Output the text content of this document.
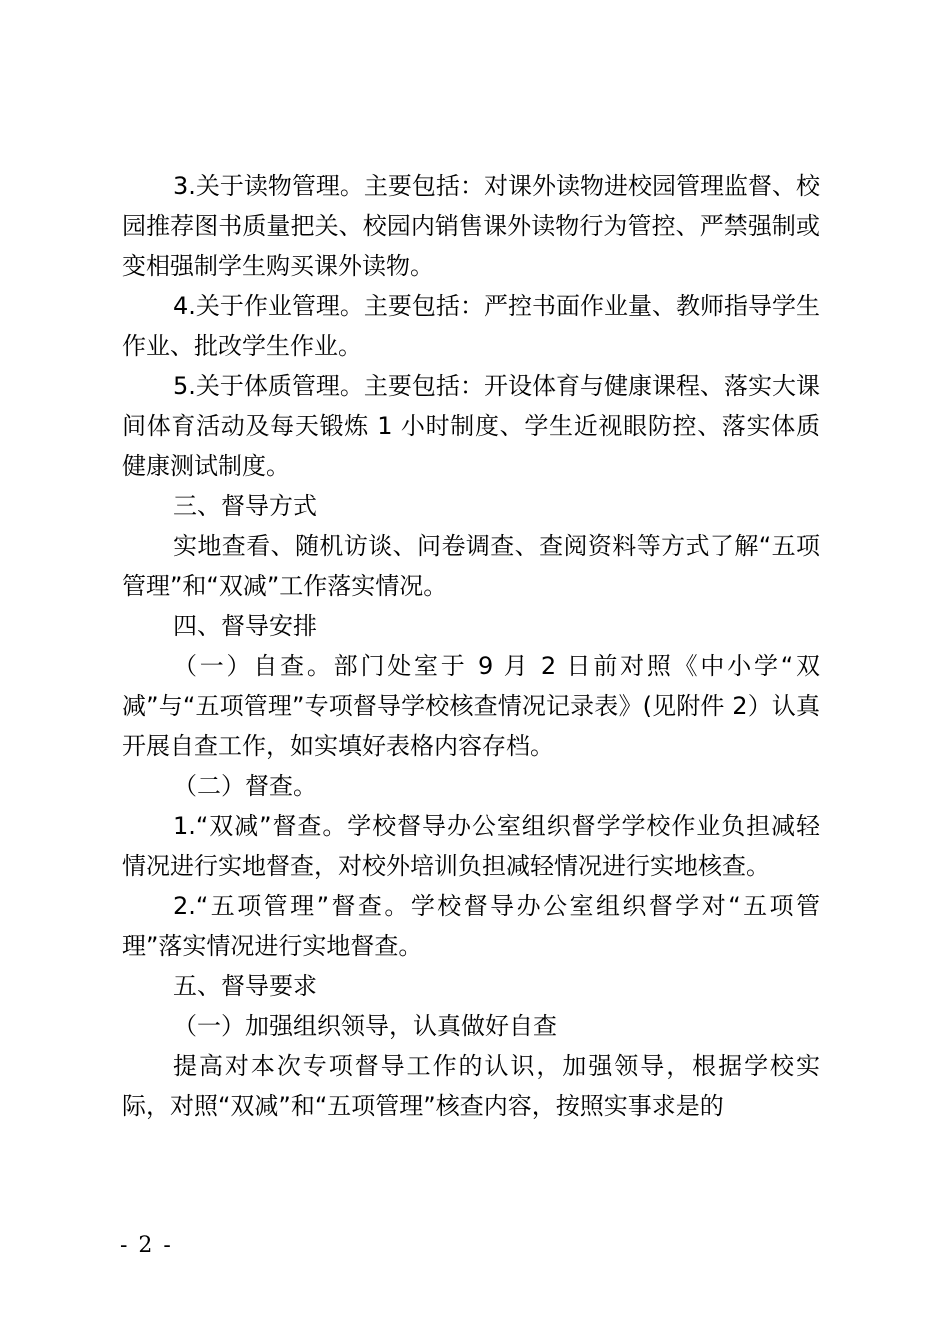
3.关于读物管理。主要包括：对课外读物进校园管理监督、校园推荐图书质量把关、校园内销售课外读物行为管控、严禁强制或变相强制学生购买课外读物。

4.关于作业管理。主要包括：严控书面作业量、教师指导学生作业、批改学生作业。

5.关于体质管理。主要包括：开设体育与健康课程、落实大课间体育活动及每天锻炼 1 小时制度、学生近视眼防控、落实体质健康测试制度。

三、督导方式

实地查看、随机访谈、问卷调查、查阅资料等方式了解“五项管理”和“双减”工作落实情况。

四、督导安排

（一）自查。部门处室于 9 月 2 日前对照《中小学“双减”与“五项管理”专项督导学校核查情况记录表》(见附件 2）认真开展自查工作，如实填好表格内容存档。

（二）督查。

1.“双减”督查。学校督导办公室组织督学学校作业负担减轻情况进行实地督查，对校外培训负担减轻情况进行实地核查。

2.“五项管理”督查。学校督导办公室组织督学对“五项管理”落实情况进行实地督查。

五、督导要求

（一）加强组织领导，认真做好自查

提高对本次专项督导工作的认识，加强领导，根据学校实际，对照“双减”和“五项管理”核查内容，按照实事求是的

- 2 -
